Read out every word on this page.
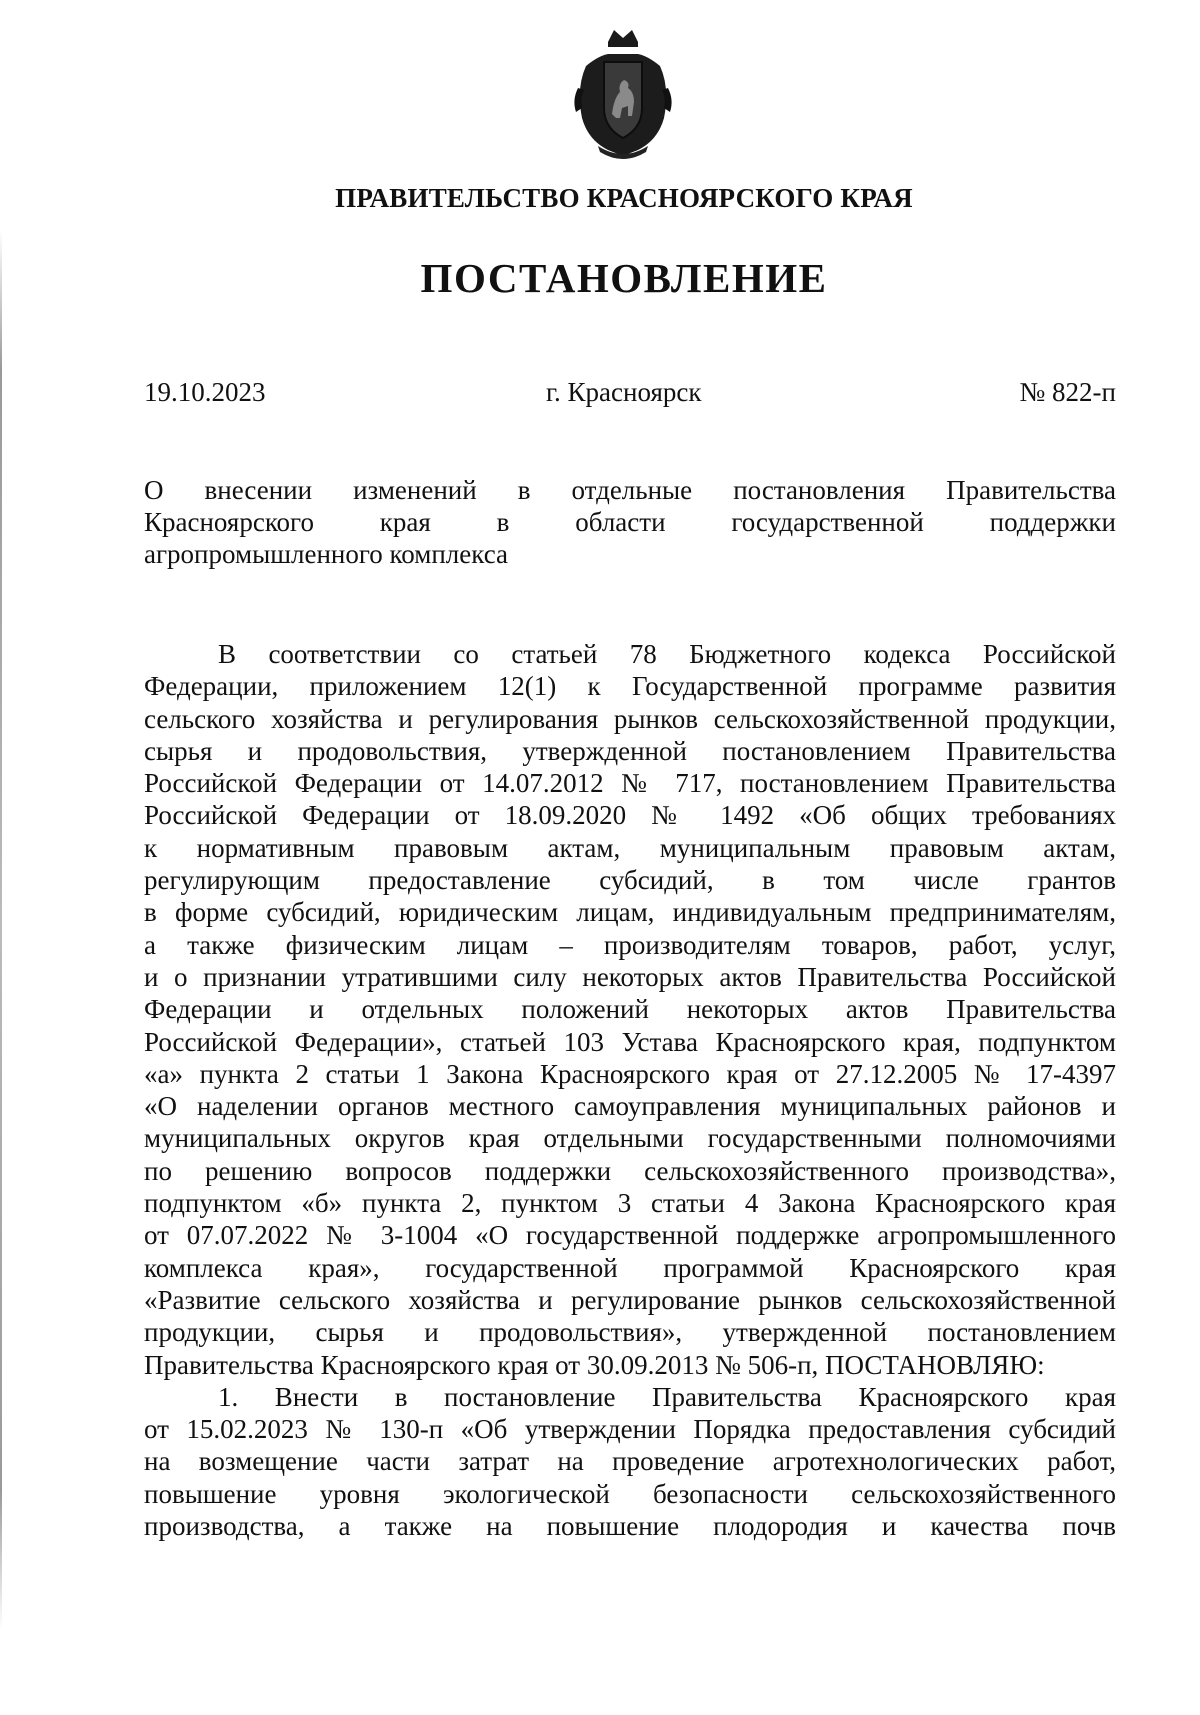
ПРАВИТЕЛЬСТВО КРАСНОЯРСКОГО КРАЯ
ПОСТАНОВЛЕНИЕ
19.10.2023	г. Красноярск	№ 822-п
О внесении изменений в отдельные постановления Правительства
Красноярского края в области государственной поддержки
агропромышленного комплекса
В соответствии со статьей 78 Бюджетного кодекса Российской
Федерации, приложением 12(1) к Государственной программе развития
сельского хозяйства и регулирования рынков сельскохозяйственной продукции,
сырья и продовольствия, утвержденной постановлением Правительства
Российской Федерации от 14.07.2012 № 717, постановлением Правительства
Российской Федерации от 18.09.2020 № 1492 «Об общих требованиях
к нормативным правовым актам, муниципальным правовым актам,
регулирующим предоставление субсидий, в том числе грантов
в форме субсидий, юридическим лицам, индивидуальным предпринимателям,
а также физическим лицам – производителям товаров, работ, услуг,
и о признании утратившими силу некоторых актов Правительства Российской
Федерации и отдельных положений некоторых актов Правительства
Российской Федерации», статьей 103 Устава Красноярского края, подпунктом
«а» пункта 2 статьи 1 Закона Красноярского края от 27.12.2005 № 17-4397
«О наделении органов местного самоуправления муниципальных районов и
муниципальных округов края отдельными государственными полномочиями
по решению вопросов поддержки сельскохозяйственного производства»,
подпунктом «б» пункта 2, пунктом 3 статьи 4 Закона Красноярского края
от 07.07.2022 № 3-1004 «О государственной поддержке агропромышленного
комплекса края», государственной программой Красноярского края
«Развитие сельского хозяйства и регулирование рынков сельскохозяйственной
продукции, сырья и продовольствия», утвержденной постановлением
Правительства Красноярского края от 30.09.2013 № 506-п, ПОСТАНОВЛЯЮ:
1. Внести в постановление Правительства Красноярского края
от 15.02.2023 № 130-п «Об утверждении Порядка предоставления субсидий
на возмещение части затрат на проведение агротехнологических работ,
повышение уровня экологической безопасности сельскохозяйственного
производства, а также на повышение плодородия и качества почв
